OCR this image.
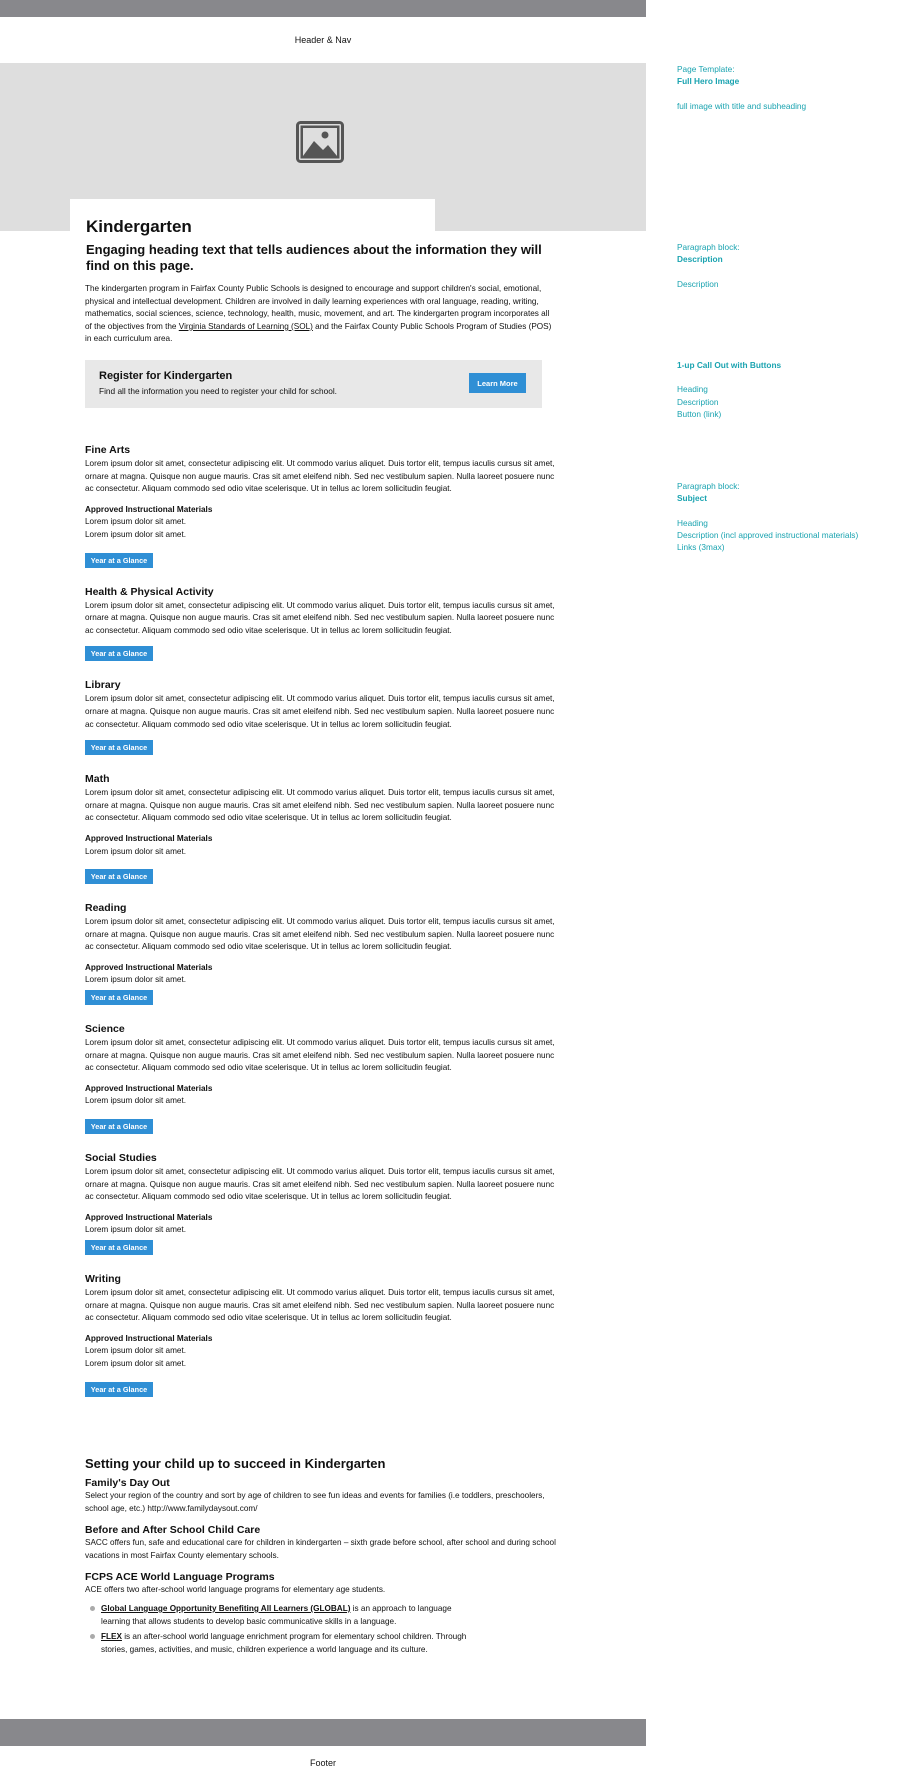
Header & Nav
Kindergarten
Engaging heading text that tells audiences about the information they will find on this page.

The kindergarten program in Fairfax County Public Schools is designed to encourage and support children's social, emotional, physical and intellectual development. Children are involved in daily learning experiences with oral language, reading, writing, mathematics, social sciences, science, technology, health, music, movement, and art. The kindergarten program incorporates all of the objectives from the Virginia Standards of Learning (SOL) and the Fairfax County Public Schools Program of Studies (POS) in each curriculum area.

Register for Kindergarten

Find all the information you need to register your child for school.

Learn More
Fine Arts

Lorem ipsum dolor sit amet, consectetur adipiscing elit. Ut commodo varius aliquet. Duis tortor elit, tempus iaculis cursus sit amet, ornare at magna. Quisque non augue mauris. Cras sit amet eleifend nibh. Sed nec vestibulum sapien. Nulla laoreet posuere nunc ac consectetur. Aliquam commodo sed odio vitae scelerisque. Ut in tellus ac lorem sollicitudin feugiat.

Approved Instructional Materials
Lorem ipsum dolor sit amet.
Lorem ipsum dolor sit amet.
Year at a Glance
Health & Physical Activity

Lorem ipsum dolor sit amet, consectetur adipiscing elit. Ut commodo varius aliquet. Duis tortor elit, tempus iaculis cursus sit amet, ornare at magna. Quisque non augue mauris. Cras sit amet eleifend nibh. Sed nec vestibulum sapien. Nulla laoreet posuere nunc ac consectetur. Aliquam commodo sed odio vitae scelerisque. Ut in tellus ac lorem sollicitudin feugiat.

Year at a Glance
Library

Lorem ipsum dolor sit amet, consectetur adipiscing elit. Ut commodo varius aliquet. Duis tortor elit, tempus iaculis cursus sit amet, ornare at magna. Quisque non augue mauris. Cras sit amet eleifend nibh. Sed nec vestibulum sapien. Nulla laoreet posuere nunc ac consectetur. Aliquam commodo sed odio vitae scelerisque. Ut in tellus ac lorem sollicitudin feugiat.

Year at a Glance
Math

Lorem ipsum dolor sit amet, consectetur adipiscing elit. Ut commodo varius aliquet. Duis tortor elit, tempus iaculis cursus sit amet, ornare at magna. Quisque non augue mauris. Cras sit amet eleifend nibh. Sed nec vestibulum sapien. Nulla laoreet posuere nunc ac consectetur. Aliquam commodo sed odio vitae scelerisque. Ut in tellus ac lorem sollicitudin feugiat.

Approved Instructional Materials
Lorem ipsum dolor sit amet.
Year at a Glance
Reading

Lorem ipsum dolor sit amet, consectetur adipiscing elit. Ut commodo varius aliquet. Duis tortor elit, tempus iaculis cursus sit amet, ornare at magna. Quisque non augue mauris. Cras sit amet eleifend nibh. Sed nec vestibulum sapien. Nulla laoreet posuere nunc ac consectetur. Aliquam commodo sed odio vitae scelerisque. Ut in tellus ac lorem sollicitudin feugiat.

Approved Instructional Materials
Lorem ipsum dolor sit amet.
Year at a Glance
Science

Lorem ipsum dolor sit amet, consectetur adipiscing elit. Ut commodo varius aliquet. Duis tortor elit, tempus iaculis cursus sit amet, ornare at magna. Quisque non augue mauris. Cras sit amet eleifend nibh. Sed nec vestibulum sapien. Nulla laoreet posuere nunc ac consectetur. Aliquam commodo sed odio vitae scelerisque. Ut in tellus ac lorem sollicitudin feugiat.

Approved Instructional Materials
Lorem ipsum dolor sit amet.
Year at a Glance
Social Studies

Lorem ipsum dolor sit amet, consectetur adipiscing elit. Ut commodo varius aliquet. Duis tortor elit, tempus iaculis cursus sit amet, ornare at magna. Quisque non augue mauris. Cras sit amet eleifend nibh. Sed nec vestibulum sapien. Nulla laoreet posuere nunc ac consectetur. Aliquam commodo sed odio vitae scelerisque. Ut in tellus ac lorem sollicitudin feugiat.

Approved Instructional Materials
Lorem ipsum dolor sit amet.
Year at a Glance
Writing

Lorem ipsum dolor sit amet, consectetur adipiscing elit. Ut commodo varius aliquet. Duis tortor elit, tempus iaculis cursus sit amet, ornare at magna. Quisque non augue mauris. Cras sit amet eleifend nibh. Sed nec vestibulum sapien. Nulla laoreet posuere nunc ac consectetur. Aliquam commodo sed odio vitae scelerisque. Ut in tellus ac lorem sollicitudin feugiat.

Approved Instructional Materials
Lorem ipsum dolor sit amet.
Lorem ipsum dolor sit amet.
Year at a Glance
Setting your child up to succeed in Kindergarten
Family's Day Out

Select your region of the country and sort by age of children to see fun ideas and events for families (i.e toddlers, preschoolers, school age, etc.) http://www.familydaysout.com/

Before and After School Child Care

SACC offers fun, safe and educational care for children in kindergarten – sixth grade before school, after school and during school vacations in most Fairfax County elementary schools.

FCPS ACE World Language Programs

ACE offers two after-school world language programs for elementary age students.

Global Language Opportunity Benefiting All Learners (GLOBAL) is an approach to language learning that allows students to develop basic communicative skills in a language.
FLEX is an after-school world language enrichment program for elementary school children. Through stories, games, activities, and music, children experience a world language and its culture.
Footer
Page Template:
Full Hero Image
full image with title and subheading
Paragraph block:
Description
Description
1-up Call Out with Buttons
Heading
Description
Button (link)
Paragraph block:
Subject
Heading
Description (incl approved instructional materials)
Links (3max)
